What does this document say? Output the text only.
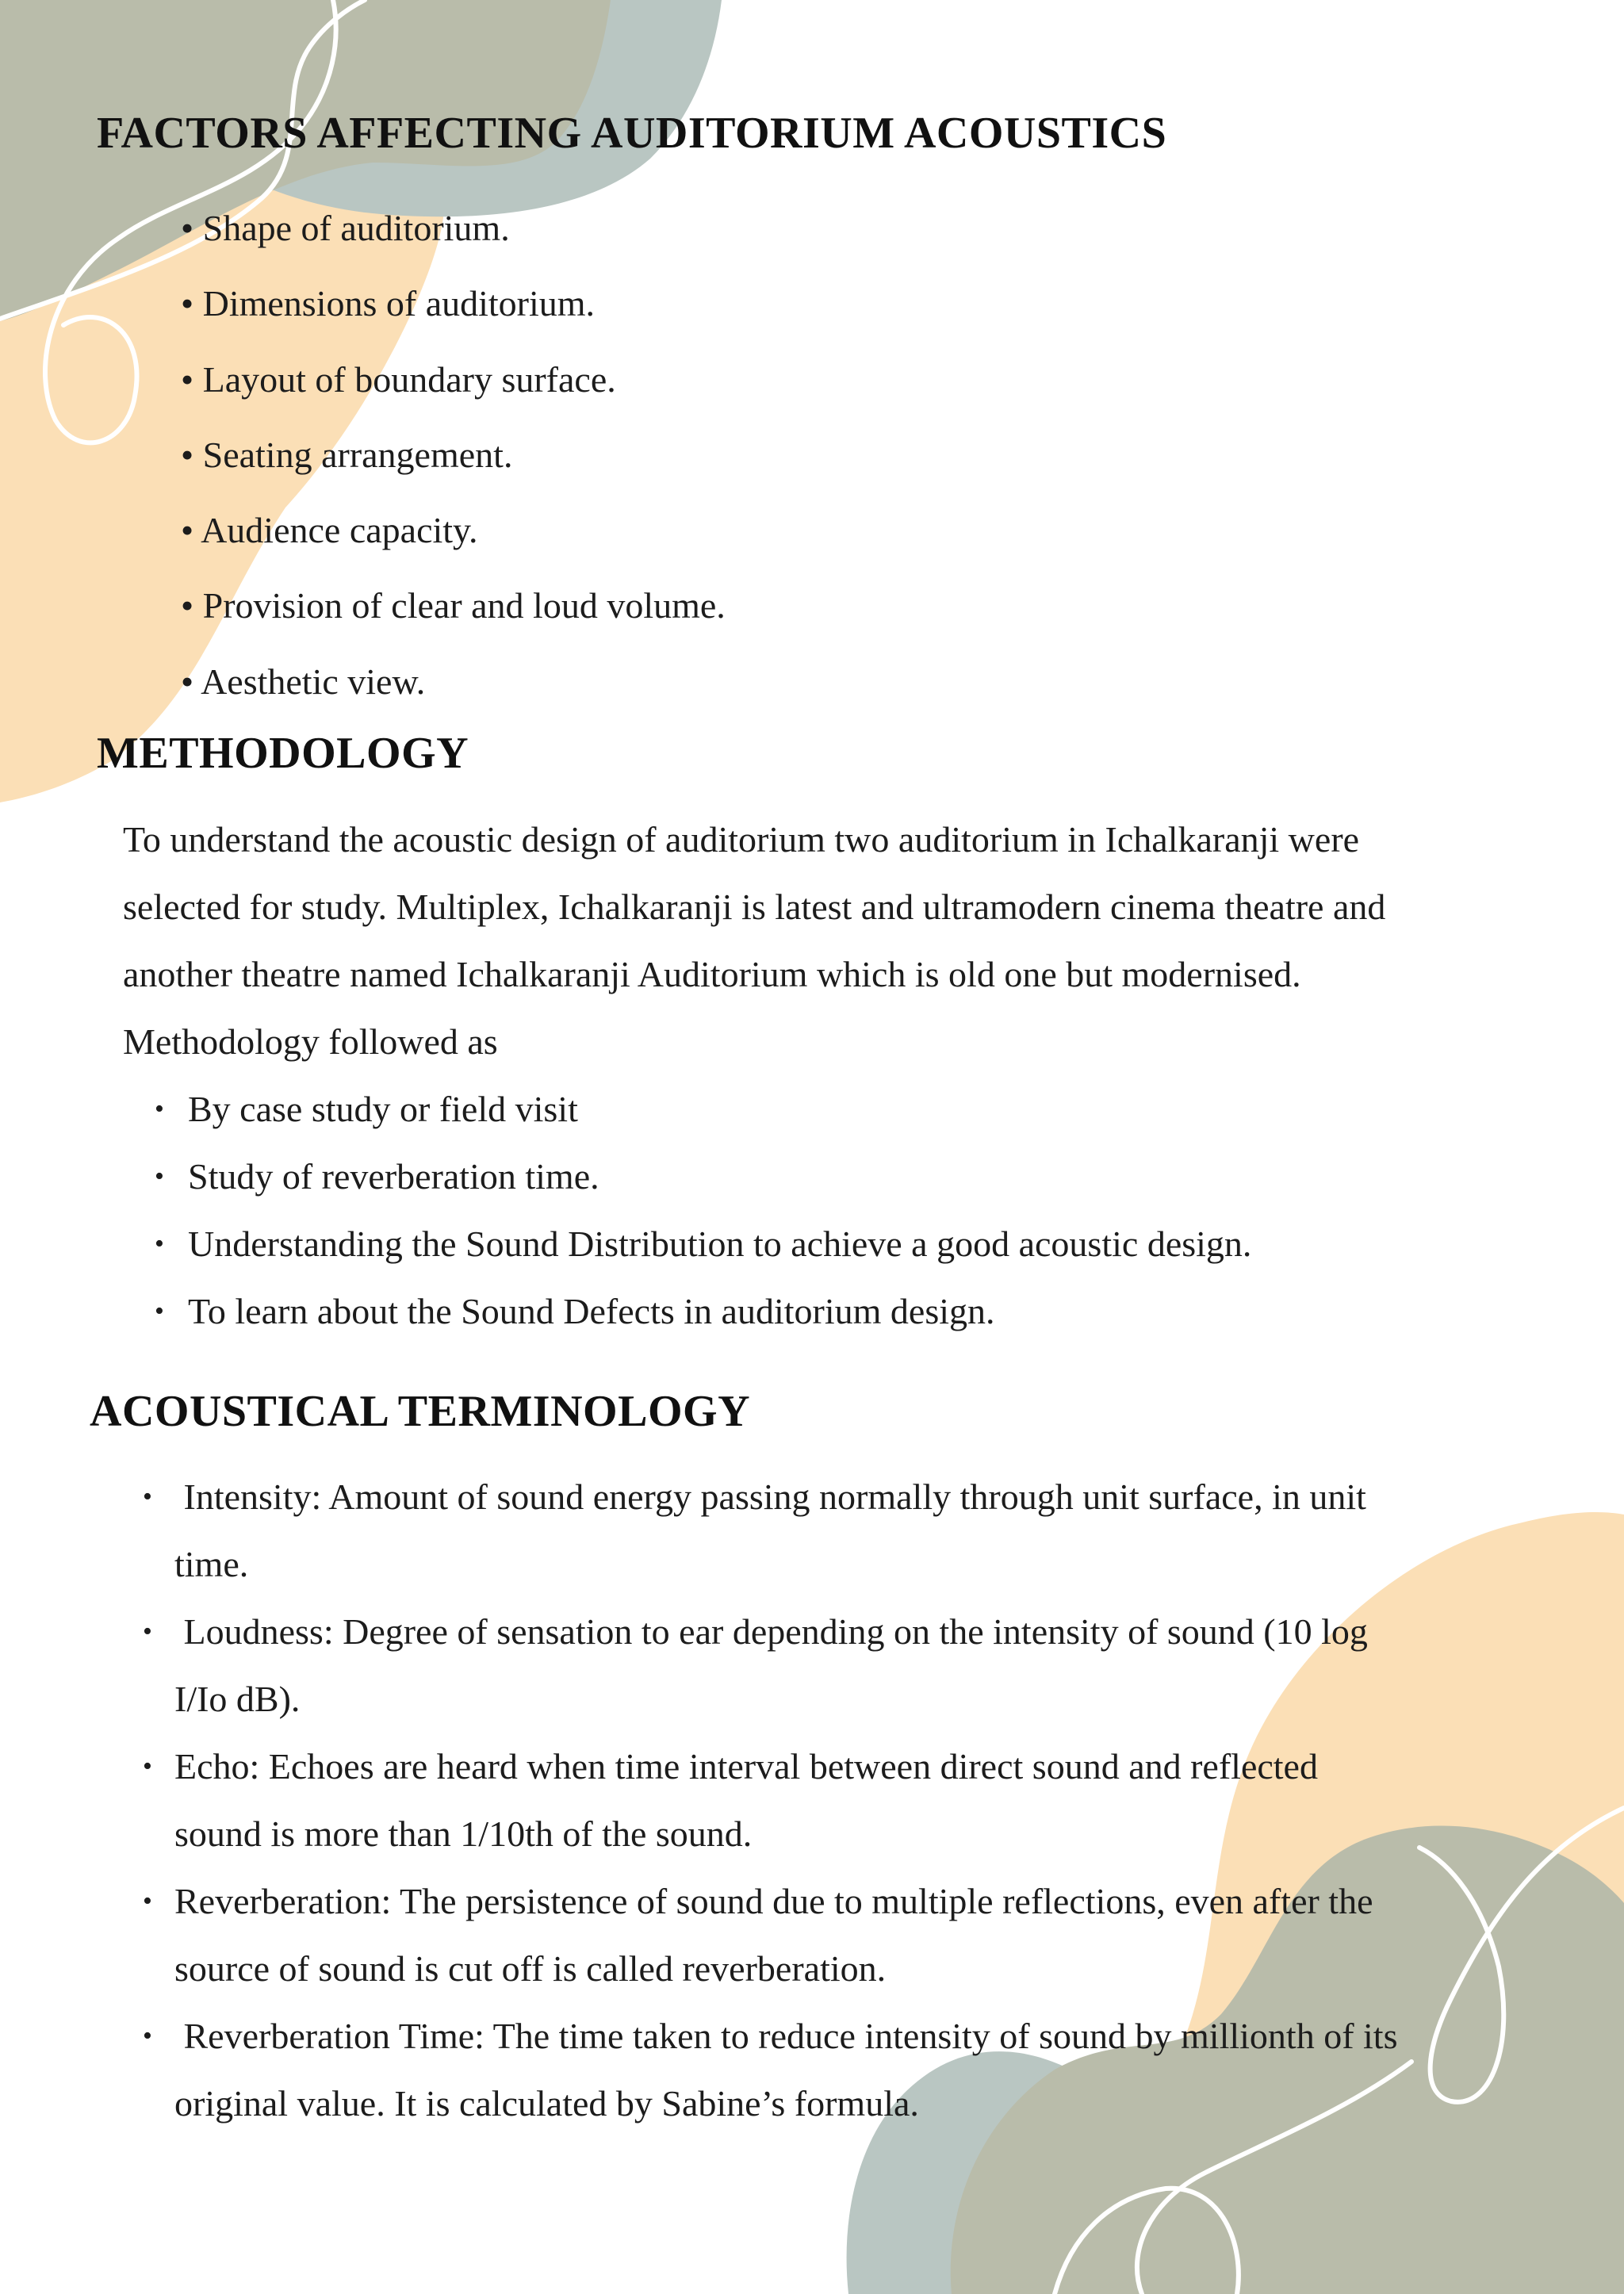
FACTORS AFFECTING AUDITORIUM ACOUSTICS
• Shape of auditorium.
• Dimensions of auditorium.
• Layout of boundary surface.
• Seating arrangement.
• Audience capacity.
• Provision of clear and loud volume.
• Aesthetic view.
METHODOLOGY

To understand the acoustic design of auditorium two auditorium in Ichalkaranji were
selected for study. Multiplex, Ichalkaranji is latest and ultramodern cinema theatre and
another theatre named Ichalkaranji Auditorium which is old one but modernised.
Methodology followed as

• By case study or field visit
• Study of reverberation time.
• Understanding the Sound Distribution to achieve a good acoustic design.
• To learn about the Sound Defects in auditorium design.
ACOUSTICAL TERMINOLOGY
• Intensity: Amount of sound energy passing normally through unit surface, in unit
time.
• Loudness: Degree of sensation to ear depending on the intensity of sound (10 log
I/Io dB).
• Echo: Echoes are heard when time interval between direct sound and reflected
sound is more than 1/10th of the sound.
• Reverberation: The persistence of sound due to multiple reflections, even after the
source of sound is cut off is called reverberation.
• Reverberation Time: The time taken to reduce intensity of sound by millionth of its
original value. It is calculated by Sabine’s formula.
